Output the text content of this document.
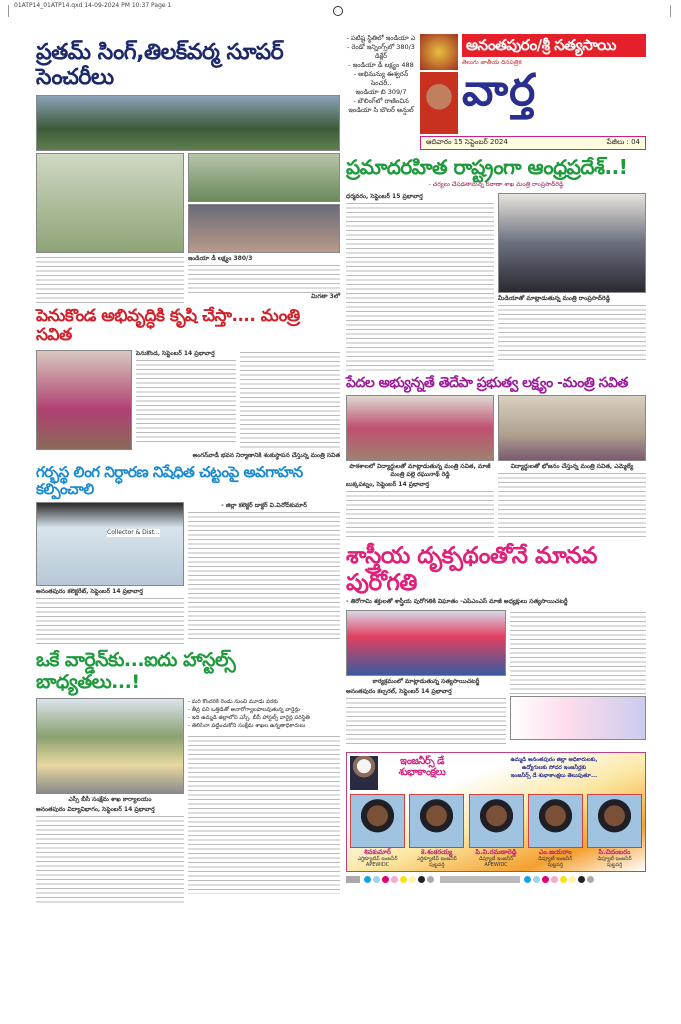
01ATP14_01ATP14.qxd 14-09-2024 PM 10:37 Page 1
ప్రతమ్ సింగ్,తిలక్‌వర్మ సూపర్ సెంచరీలు
ఇండియా డీ లక్ష్యం 380/3
మిగతా 3లో
పెనుకొండ అభివృద్ధికి కృషి చేస్తా.... మంత్రి సవిత
పెనుకొండ, సెప్టెంబర్ 14 ప్రభావార్త
అంగన్‌వాడీ భవన నిర్మాణానికి శంకుస్థాపన చేస్తున్న మంత్రి సవిత
గర్భస్థ లింగ నిర్ధారణ నిషేధిత చట్టంపై అవగాహన కల్పించాలి
Collector & Dist...
అనంతపురం కలెక్టరేట్, సెప్టెంబర్ 14 ప్రభావార్త
- జిల్లా కలెక్టర్ డాక్టర్ వి.వినోద్‌కుమార్
ఒకే వార్డెన్‌కు...ఐదు హాస్టల్స్ బాధ్యతలు...!
ఎస్సీ బీసీ సంక్షేమ శాఖ కార్యాలయం
అనంతపురం విద్యావిభాగం, సెప్టెంబర్ 14 ప్రభావార్త
- మరి కొందరికి రెండు నుంచి మూడు వరకు
- తీవ్ర పని ఒత్తిడితో అనారోగ్యాలపాలవుతున్న వార్డెన్లు
- ఇది ఉమ్మడి జిల్లాలోని ఎస్సీ, బీసీ హాస్టల్స్ వార్డెన్ల పరిస్థితి
- తెలిసినా పట్టించుకోని సంక్షేమ శాఖల ఉన్నతాధికారులు
- పటిష్ట స్థితిలో ఇండియా ఎ
- రెండో ఇన్నింగ్స్‌లో 380/3 డిక్లేర్
- ఇండియా డీ లక్ష్యం 488
- అభిమన్యు ఈశ్వరన్ సెంచరీ..
ఇండియా బి 309/7
- బౌలింగ్‌లో రాణించిన ఇండియా సి బౌలర్ అన్షుల్
అనంతపురం/శ్రీ సత్యసాయి
తెలుగు జాతీయ దినపత్రిక
వార్త
ఆదివారం 15 సెప్టెంబర్ 2024	పేజీలు : 04
ప్రమాదరహిత రాష్ట్రంగా ఆంధ్రప్రదేశ్..!
- చర్యలు చేపడతామన్న రవాణా శాఖ మంత్రి రాంప్రసాద్‌రెడ్డి
ధర్మవరం, సెప్టెంబర్ 15 ప్రభావార్త
మీడియాతో మాట్లాడుతున్న మంత్రి రాంప్రసాద్‌రెడ్డి
పేదల అభ్యున్నతే తెదేపా ప్రభుత్వ లక్ష్యం -మంత్రి సవిత
పాఠశాలలో విద్యార్థులతో మాట్లాడుతున్న మంత్రి సవిత, మాజీ మంత్రి పల్లె రఘునాథ్ రెడ్డి
బుక్కపట్నం, సెప్టెంబర్ 14 ప్రభావార్త
విద్యార్థులతో భోజనం చేస్తున్న మంత్రి సవిత, ఎమ్మెల్యే
శాస్త్రీయ దృక్పథంతోనే మానవ పురోగతి
- తిరోగామి శక్తులతో శాస్త్రీయ పురోగతికి విఘాతం -ఎపిఎంఎస్ మాజీ అధ్యక్షులు సత్యసాయిచటర్జీ
కార్యక్రమంలో మాట్లాడుతున్న సత్యసాయిచటర్జీ
అనంతపురం కల్చరల్, సెప్టెంబర్ 14 ప్రభావార్త
ఇంజనీర్స్ డే శుభాకాంక్షలు
ఉమ్మడి అనంతపురం జిల్లా అధికారులకు,
ఉద్యోగులకు సోదర ఇంజనీర్లకు
ఇంజనీర్స్ డే శుభాకాంక్షలు తెలుపుతూ...
శివకుమార్
ఎగ్జిక్యూటివ్ ఇంజనీర్
APEWIDC
కె.శంకరయ్య
ఎగ్జిక్యూటివ్ ఇంజనీర్
పుట్టపర్తి
పి.వి.రమణారెడ్డి
డిప్యూటీ ఇంజనీర్
APEWIDC
ఎం.జయరాం
డిప్యూటీ ఇంజనీర్
పుట్టపర్తి
సి.చిదంబరం
డిప్యూటీ ఇంజనీర్
పుట్టపర్తి
